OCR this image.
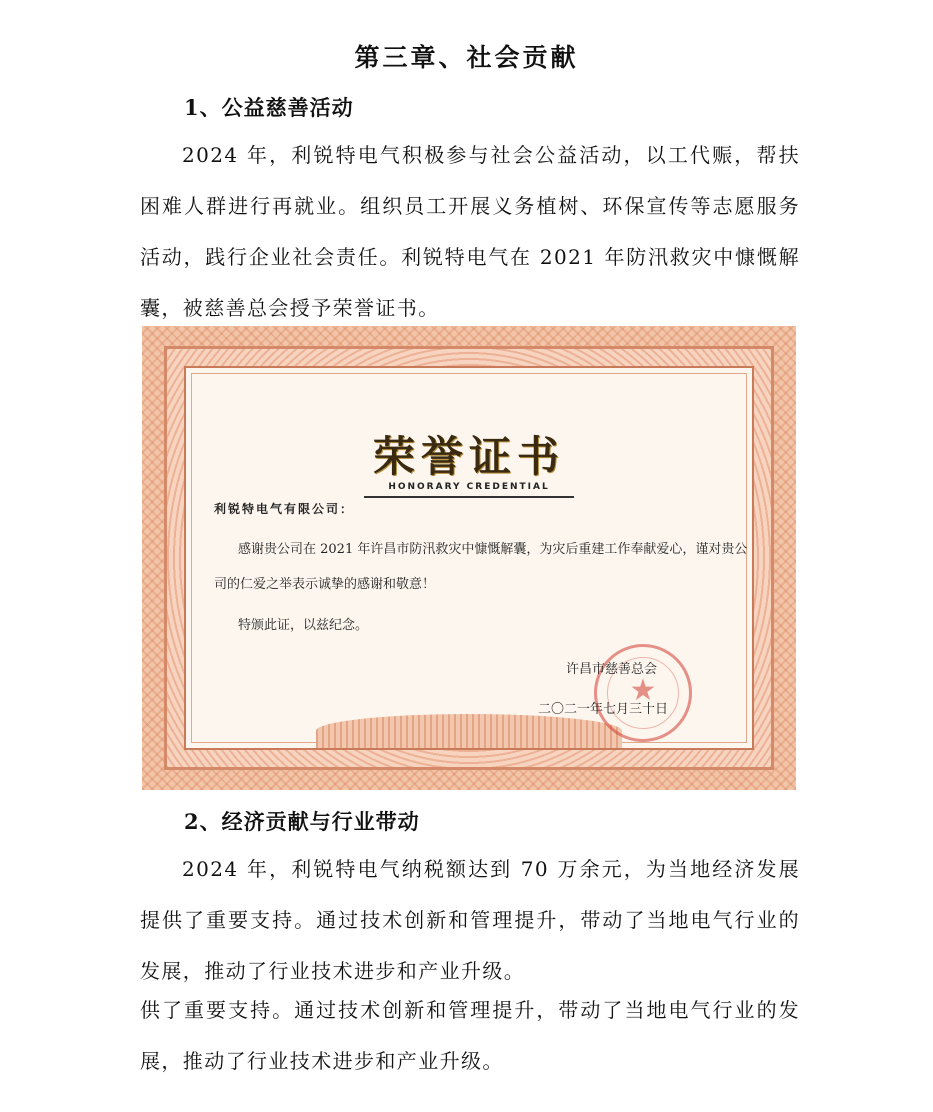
第三章、社会贡献
1、公益慈善活动
2024 年，利锐特电气积极参与社会公益活动，以工代赈，帮扶困难人群进行再就业。组织员工开展义务植树、环保宣传等志愿服务活动，践行企业社会责任。利锐特电气在 2021 年防汛救灾中慷慨解囊，被慈善总会授予荣誉证书。
荣誉证书
HONORARY CREDENTIAL
利锐特电气有限公司：
感谢贵公司在 2021 年许昌市防汛救灾中慷慨解囊，为灾后重建工作奉献爱心，谨对贵公司的仁爱之举表示诚挚的感谢和敬意！
特颁此证，以兹纪念。
★
许昌市慈善总会
二〇二一年七月三十日
2、经济贡献与行业带动
2024 年，利锐特电气纳税额达到 70 万余元，为当地经济发展提供了重要支持。通过技术创新和管理提升，带动了当地电气行业的发展，推动了行业技术进步和产业升级。
供了重要支持。通过技术创新和管理提升，带动了当地电气行业的发展，推动了行业技术进步和产业升级。
